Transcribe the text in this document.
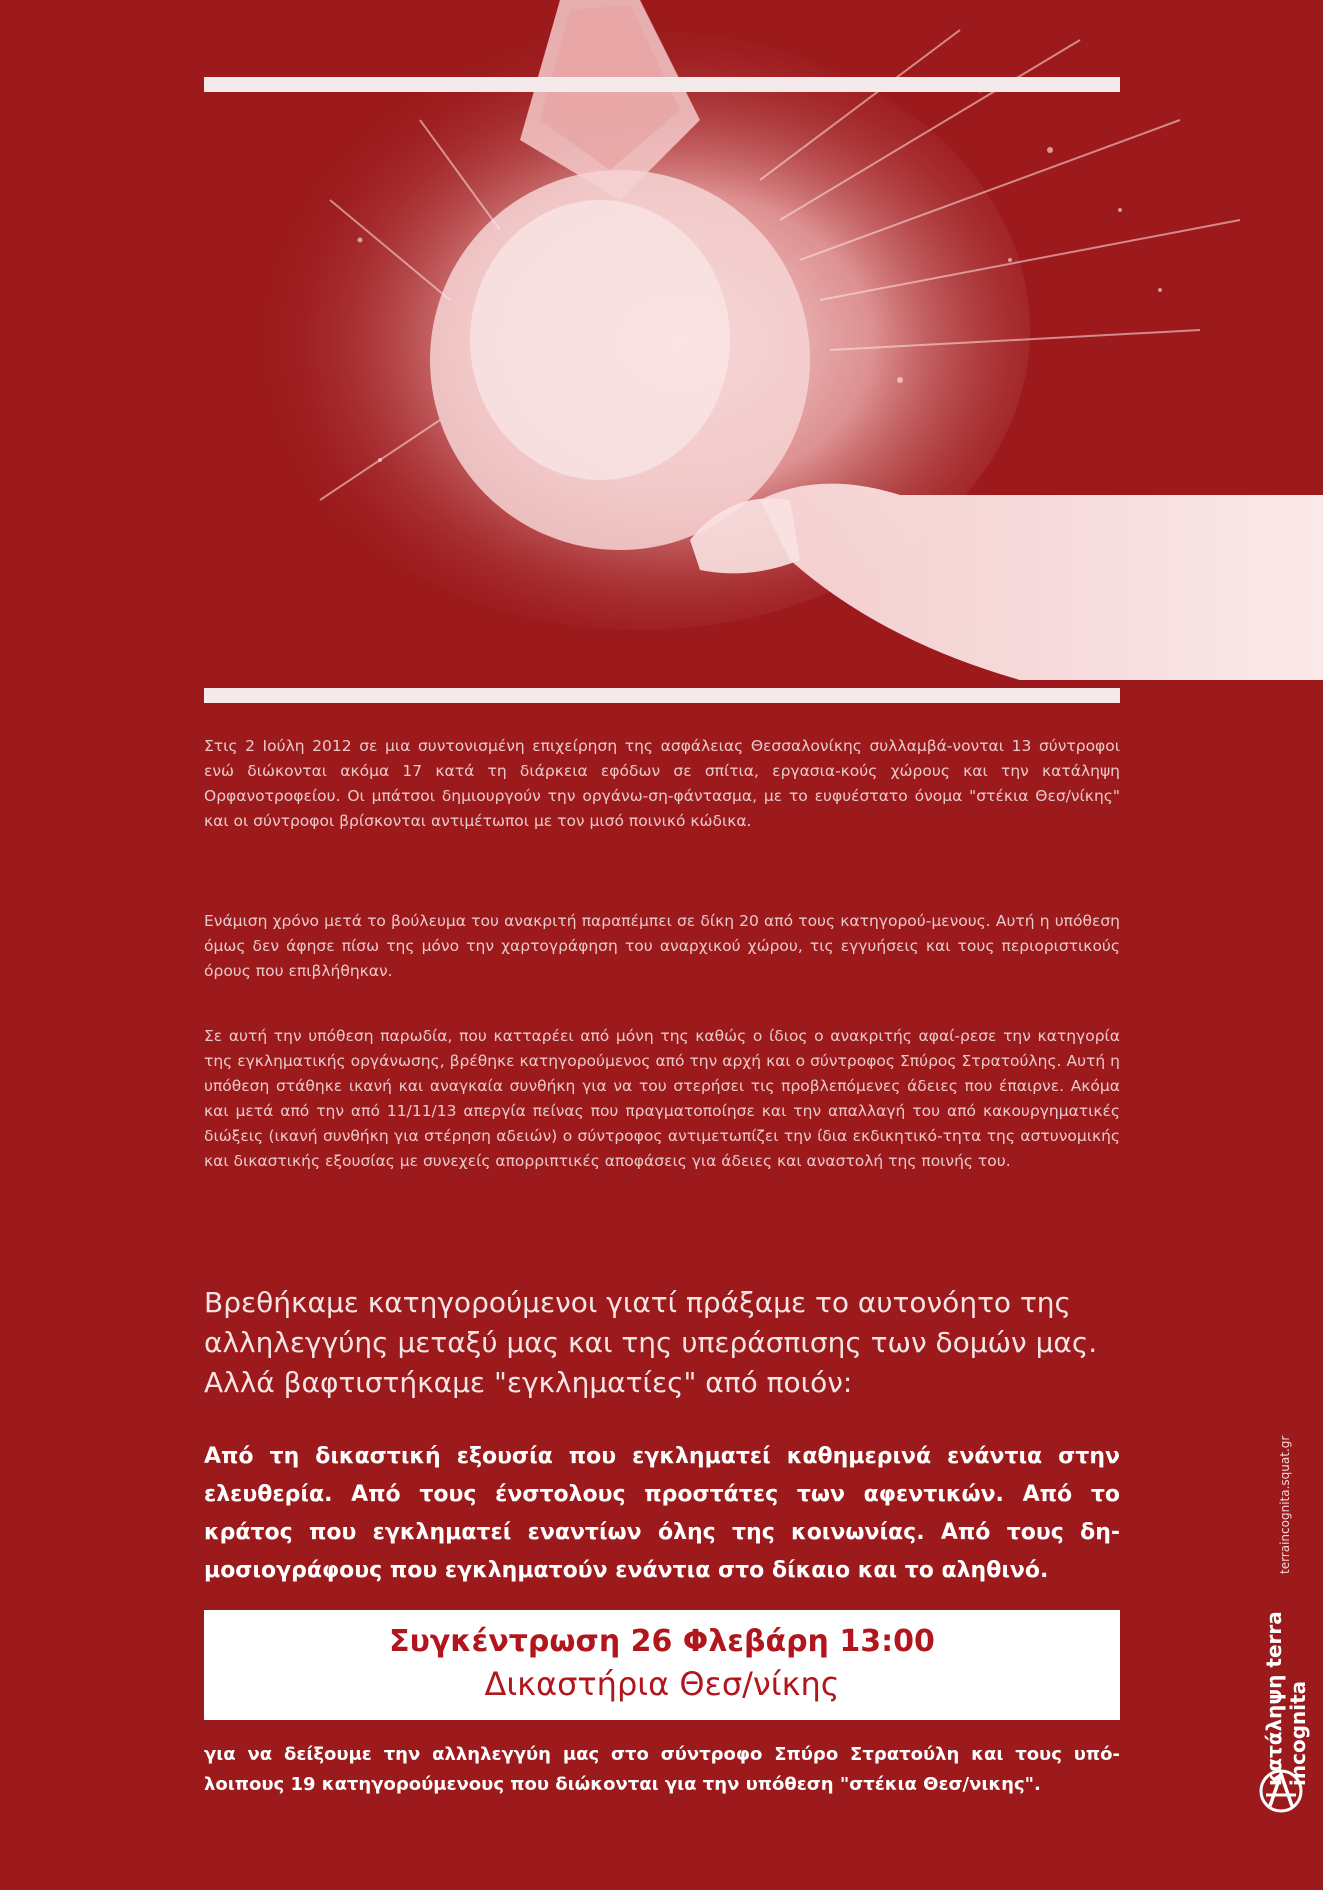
Στις 2 Ιούλη 2012 σε μια συντονισμένη επιχείρηση της ασφάλειας Θεσσαλονίκης συλλαμβά-νονται 13 σύντροφοι ενώ διώκονται ακόμα 17 κατά τη διάρκεια εφόδων σε σπίτια, εργασια-κούς χώρους και την κατάληψη Ορφανοτροφείου. Οι μπάτσοι δημιουργούν την οργάνω-ση-φάντασμα, με το ευφυέστατο όνομα "στέκια Θεσ/νίκης" και οι σύντροφοι βρίσκονται αντιμέτωποι με τον μισό ποινικό κώδικα.

Ενάμιση χρόνο μετά το βούλευμα του ανακριτή παραπέμπει σε δίκη 20 από τους κατηγορού-μενους. Αυτή η υπόθεση όμως δεν άφησε πίσω της μόνο την χαρτογράφηση του αναρχικού χώρου, τις εγγυήσεις και τους περιοριστικούς όρους που επιβλήθηκαν.

Σε αυτή την υπόθεση παρωδία, που κατταρέει από μόνη της καθώς ο ίδιος ο ανακριτής αφαί-ρεσε την κατηγορία της εγκληματικής οργάνωσης, βρέθηκε κατηγορούμενος από την αρχή και ο σύντροφος Σπύρος Στρατούλης. Αυτή η υπόθεση στάθηκε ικανή και αναγκαία συνθήκη για να του στερήσει τις προβλεπόμενες άδειες που έπαιρνε. Ακόμα και μετά από την από 11/11/13 απεργία πείνας που πραγματοποίησε και την απαλλαγή του από κακουργηματικές διώξεις (ικανή συνθήκη για στέρηση αδειών) ο σύντροφος αντιμετωπίζει την ίδια εκδικητικό-τητα της αστυνομικής και δικαστικής εξουσίας με συνεχείς απορριπτικές αποφάσεις για άδειες και αναστολή της ποινής του.

Βρεθήκαμε κατηγορούμενοι γιατί πράξαμε το αυτονόητο της αλληλεγγύης μεταξύ μας και της υπεράσπισης των δομών μας. Αλλά βαφτιστήκαμε "εγκληματίες" από ποιόν:

Από τη δικαστική εξουσία που εγκληματεί καθημερινά ενάντια στην ελευθερία. Από τους ένστολους προστάτες των αφεντικών. Από το κράτος που εγκληματεί εναντίων όλης της κοινωνίας. Από τους δη-μοσιογράφους που εγκληματούν ενάντια στο δίκαιο και το αληθινό.

Συγκέντρωση 26 Φλεβάρη 13:00
Δικαστήρια Θεσ/νίκης

για να δείξουμε την αλληλεγγύη μας στο σύντροφο Σπύρο Στρατούλη και τους υπό-λοιπους 19 κατηγορούμενους που διώκονται για την υπόθεση "στέκια Θεσ/νικης".	κατάληψη terra incognita
terraincognita.squat.gr
